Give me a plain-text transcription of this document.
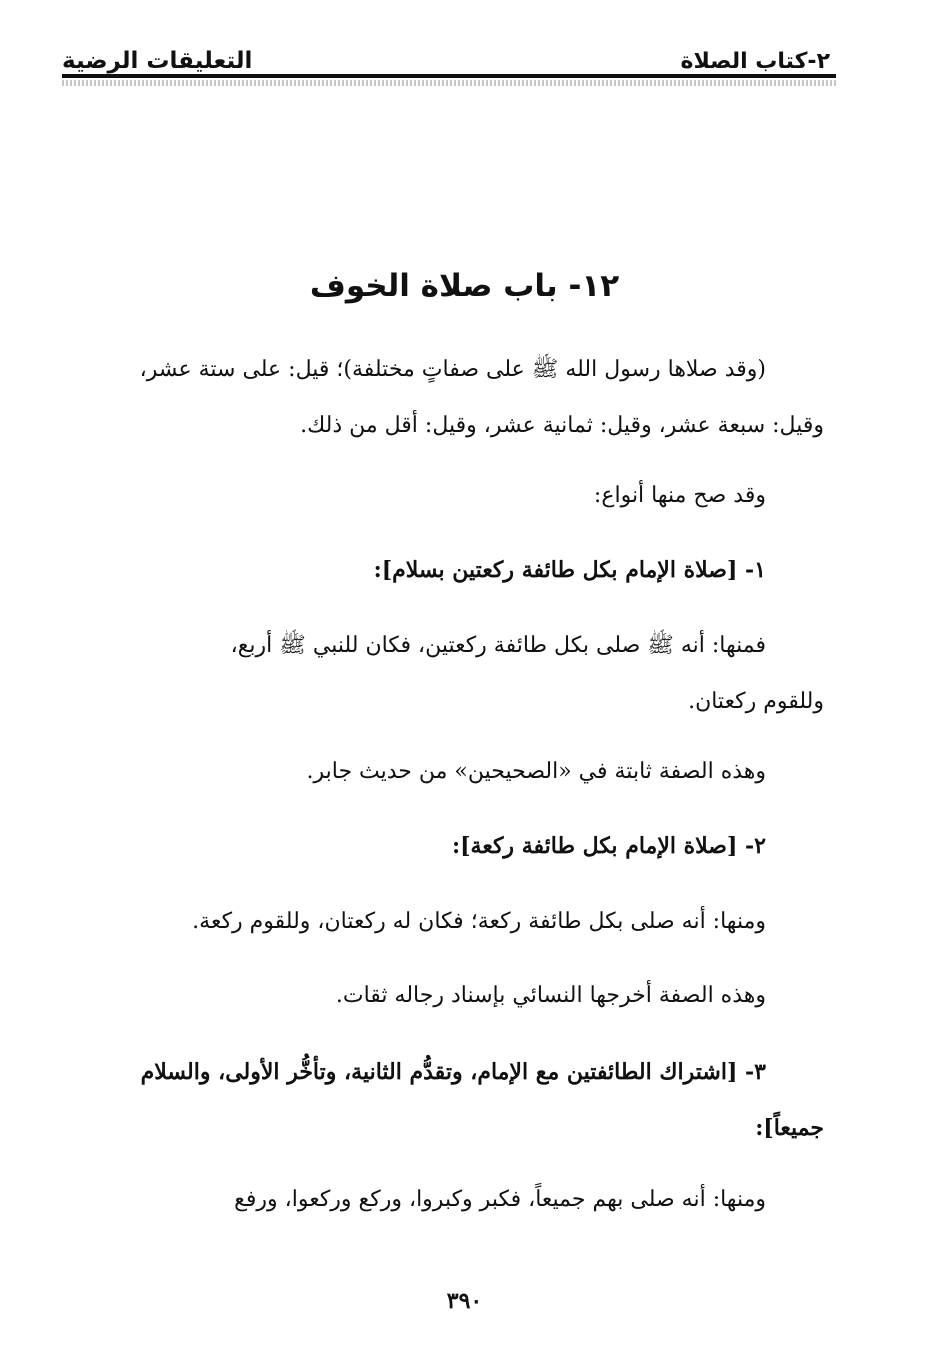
٢-كتاب الصلاة
التعليقات الرضية
١٢- باب صلاة الخوف

(وقد صلاها رسول الله ﷺ على صفاتٍ مختلفة)؛ قيل: على ستة عشر،

وقيل: سبعة عشر، وقيل: ثمانية عشر، وقيل: أقل من ذلك.

وقد صح منها أنواع:

١- [صلاة الإمام بكل طائفة ركعتين بسلام]:

فمنها: أنه ﷺ صلى بكل طائفة ركعتين، فكان للنبي ﷺ أربع،

وللقوم ركعتان.

وهذه الصفة ثابتة في «الصحيحين» من حديث جابر.

٢- [صلاة الإمام بكل طائفة ركعة]:

ومنها: أنه صلى بكل طائفة ركعة؛ فكان له ركعتان، وللقوم ركعة.

وهذه الصفة أخرجها النسائي بإسناد رجاله ثقات.

٣- [اشتراك الطائفتين مع الإمام، وتقدُّم الثانية، وتأخُّر الأولى، والسلام

جميعاً]:

ومنها: أنه صلى بهم جميعاً، فكبر وكبروا، وركع وركعوا، ورفع

٣٩٠
